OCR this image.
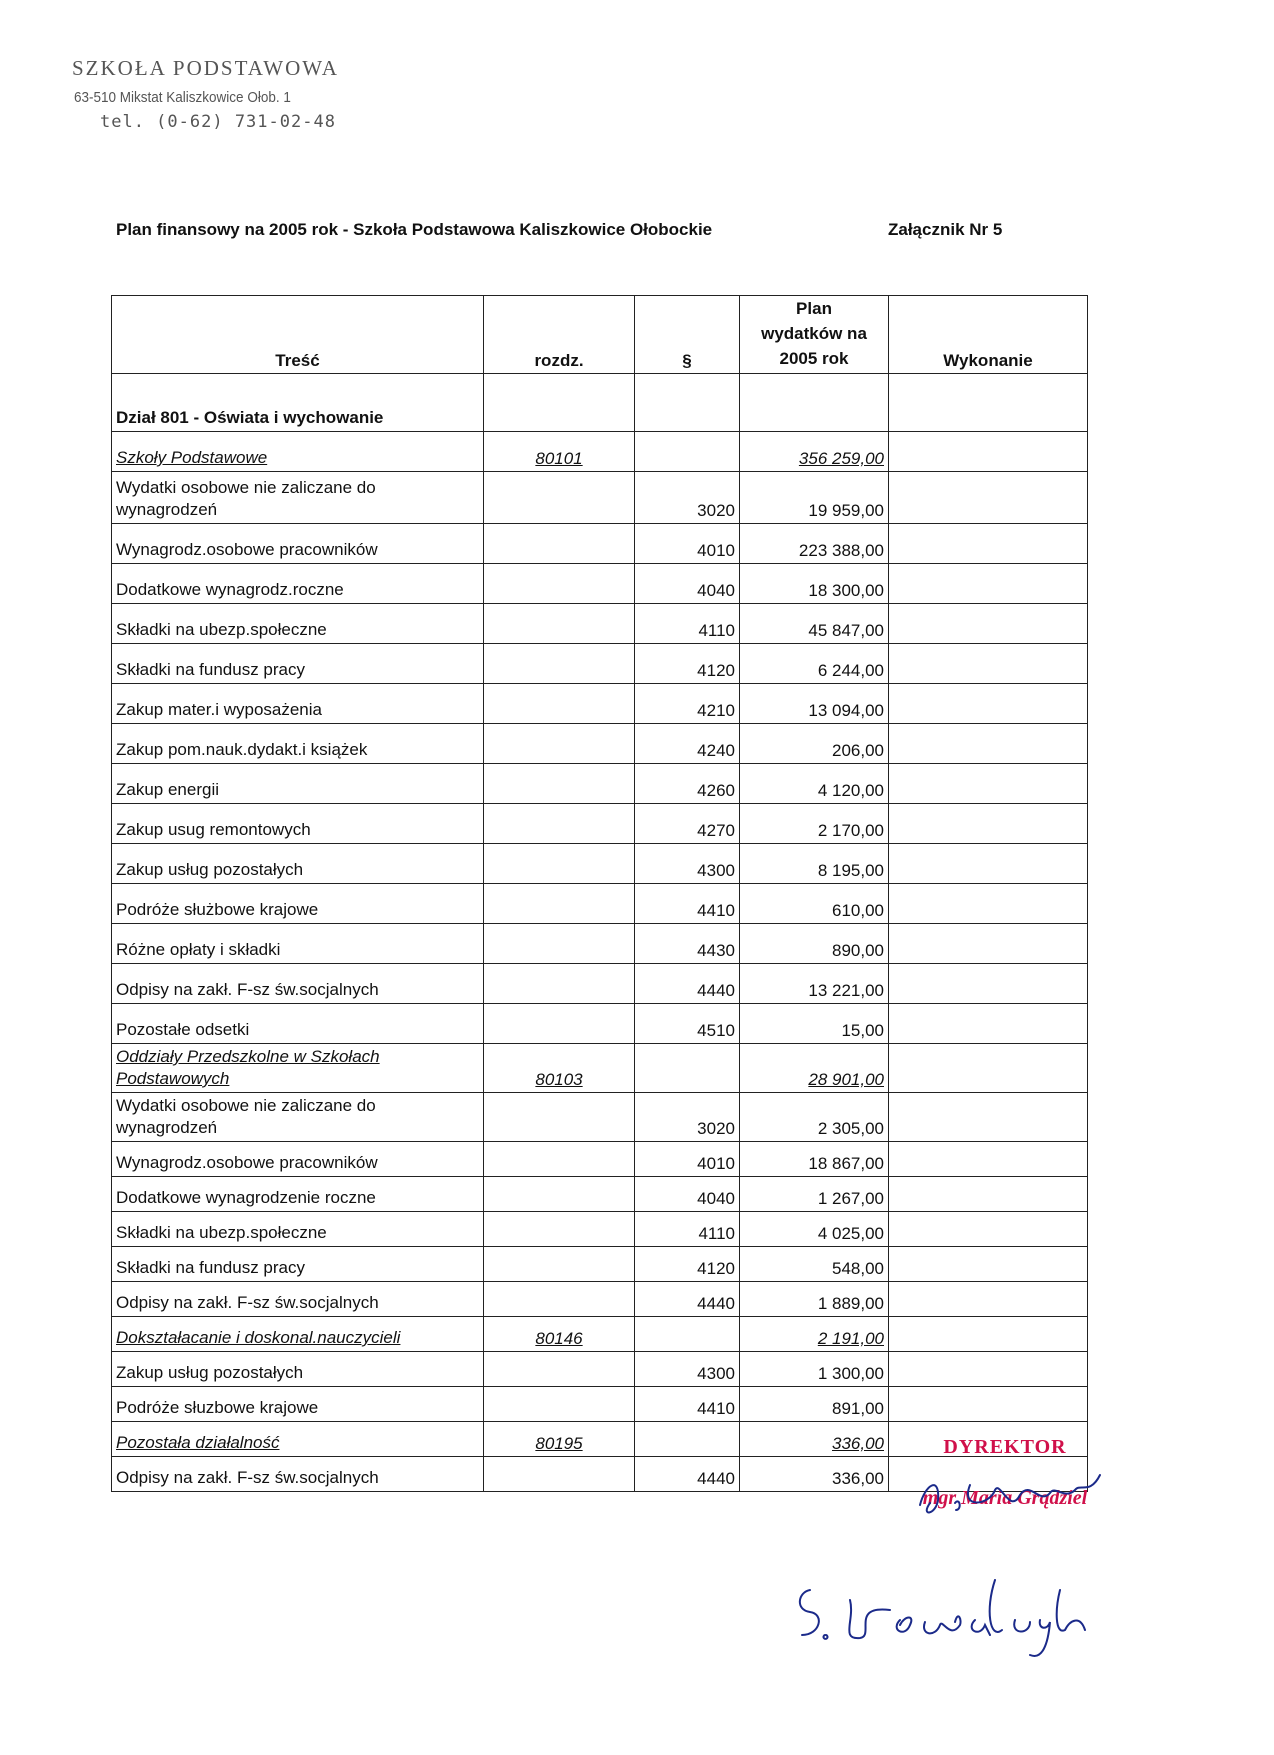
SZKOŁA PODSTAWOWA
63-510 Mikstat Kaliszkowice Ołob. 1
tel. (0-62) 731-02-48
Plan finansowy na 2005 rok - Szkoła Podstawowa Kaliszkowice Ołobockie	Załącznik Nr 5
Treść	rozdz.	§	Plan wydatków na 2005 rok	Wykonanie
Dział 801 - Oświata i wychowanie				
Szkoły Podstawowe	80101		356 259,00	
Wydatki osobowe nie zaliczane do wynagrodzeń		3020	19 959,00	
Wynagrodz.osobowe pracowników		4010	223 388,00	
Dodatkowe wynagrodz.roczne		4040	18 300,00	
Składki na ubezp.społeczne		4110	45 847,00	
Składki na fundusz pracy		4120	6 244,00	
Zakup mater.i wyposażenia		4210	13 094,00	
Zakup pom.nauk.dydakt.i książek		4240	206,00	
Zakup energii		4260	4 120,00	
Zakup usug remontowych		4270	2 170,00	
Zakup usług pozostałych		4300	8 195,00	
Podróże służbowe krajowe		4410	610,00	
Różne opłaty i składki		4430	890,00	
Odpisy na zakł. F-sz św.socjalnych		4440	13 221,00	
Pozostałe odsetki		4510	15,00	
Oddziały Przedszkolne w Szkołach Podstawowych	80103		28 901,00	
Wydatki osobowe nie zaliczane do wynagrodzeń		3020	2 305,00	
Wynagrodz.osobowe pracowników		4010	18 867,00	
Dodatkowe wynagrodzenie roczne		4040	1 267,00	
Składki na ubezp.społeczne		4110	4 025,00	
Składki na fundusz pracy		4120	548,00	
Odpisy na zakł. F-sz św.socjalnych		4440	1 889,00	
Dokształacanie i doskonal.nauczycieli	80146		2 191,00	
Zakup usług pozostałych		4300	1 300,00	
Podróże słuzbowe krajowe		4410	891,00	
Pozostała działalność	80195		336,00	
Odpisy na zakł. F-sz św.socjalnych		4440	336,00	
DYREKTOR
mgr Maria Grądziel
